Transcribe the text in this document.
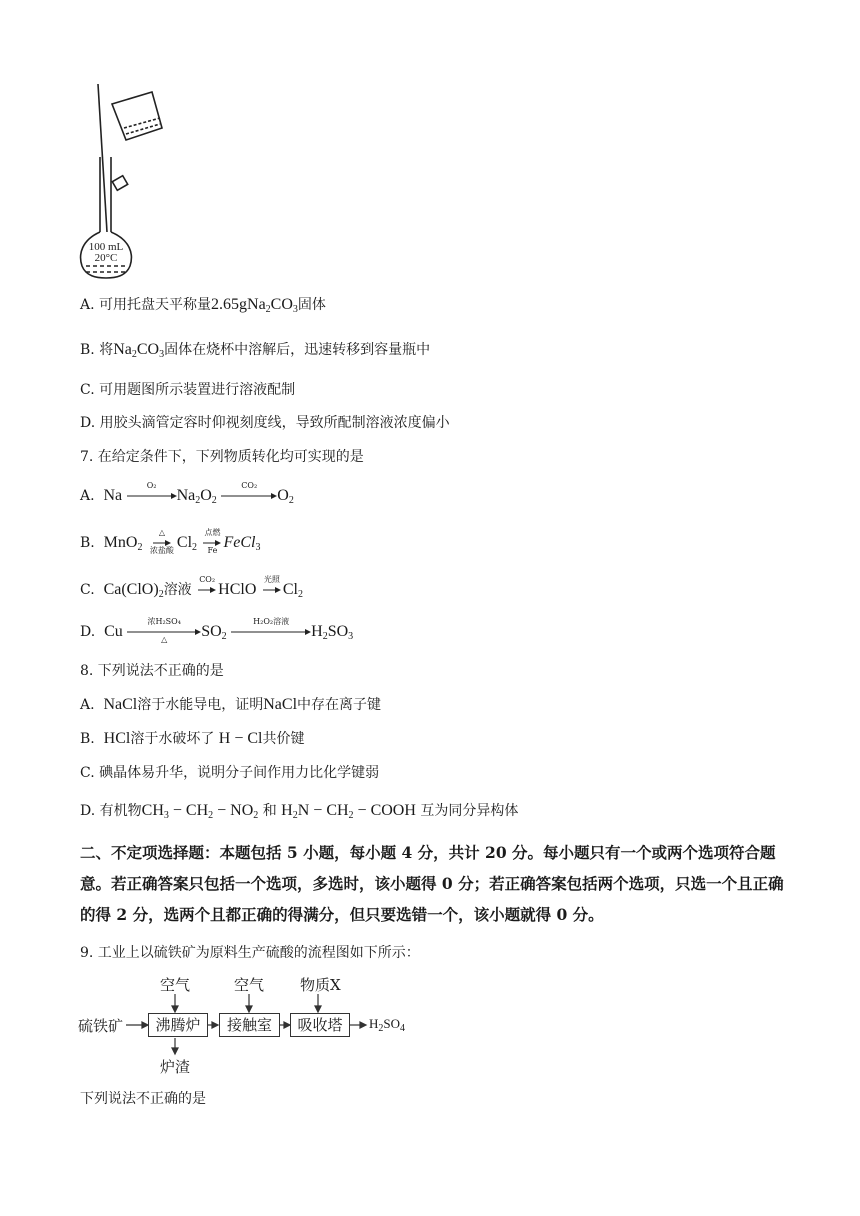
100 mL
20°C
A. 可用托盘天平称量$2.65gNa_2CO_3$固体
B. 将$Na_2CO_3$固体在烧杯中溶解后，迅速转移到容量瓶中
C. 可用题图所示装置进行溶液配制
D. 用胶头滴管定容时仰视刻度线，导致所配制溶液浓度偏小
7. 在给定条件下，下列物质转化均可实现的是
A. Na
O₂
$Na_2O_2$
CO₂
$O_2$
B. MnO$_2$
△
浓盐酸 $Cl_2$
点燃
Fe FeCl$_3$
C. $Ca(ClO)_2$溶液
CO₂
HClO
光照
$Cl_2$
D. Cu
浓H₂SO₄
△	$SO_2$
H₂O₂溶液
$H_2SO_3$
8. 下列说法不正确的是
A. NaCl溶于水能导电，证明NaCl中存在离子键
B. HCl溶于水破坏了 H − Cl共价键
C. 碘晶体易升华，说明分子间作用力比化学键弱
D. 有机物$CH_3 - CH_2 - NO_2$ 和 $H_2N - CH_2$ − COOH 互为同分异构体
二、不定项选择题：本题包括 5 小题，每小题 4 分，共计 20 分。每小题只有一个或两个选项符合题意。若正确答案只包括一个选项，多选时，该小题得 0 分；若正确答案包括两个选项，只选一个且正确的得 2 分，选两个且都正确的得满分，但只要选错一个，该小题就得 0 分。
9. 工业上以硫铁矿为原料生产硫酸的流程图如下所示：
硫铁矿
空气	空气 物质X
沸腾炉	接触室	吸收塔	$H_2SO_4$
炉渣
下列说法不正确的是
